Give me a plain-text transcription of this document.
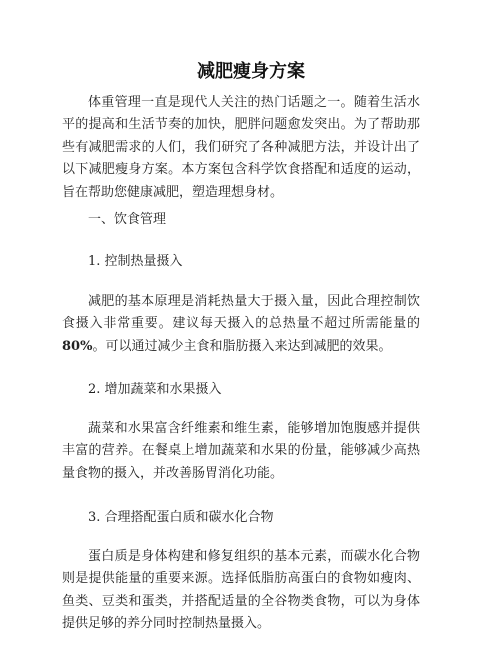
减肥瘦身方案

体重管理一直是现代人关注的热门话题之一。随着生活水平的提高和生活节奏的加快，肥胖问题愈发突出。为了帮助那些有减肥需求的人们，我们研究了各种减肥方法，并设计出了以下减肥瘦身方案。本方案包含科学饮食搭配和适度的运动，旨在帮助您健康减肥，塑造理想身材。

一、饮食管理
1. 控制热量摄入

减肥的基本原理是消耗热量大于摄入量，因此合理控制饮食摄入非常重要。建议每天摄入的总热量不超过所需能量的80%。可以通过减少主食和脂肪摄入来达到减肥的效果。

2. 增加蔬菜和水果摄入

蔬菜和水果富含纤维素和维生素，能够增加饱腹感并提供丰富的营养。在餐桌上增加蔬菜和水果的份量，能够减少高热量食物的摄入，并改善肠胃消化功能。

3. 合理搭配蛋白质和碳水化合物

蛋白质是身体构建和修复组织的基本元素，而碳水化合物则是提供能量的重要来源。选择低脂肪高蛋白的食物如瘦肉、鱼类、豆类和蛋类，并搭配适量的全谷物类食物，可以为身体提供足够的养分同时控制热量摄入。
